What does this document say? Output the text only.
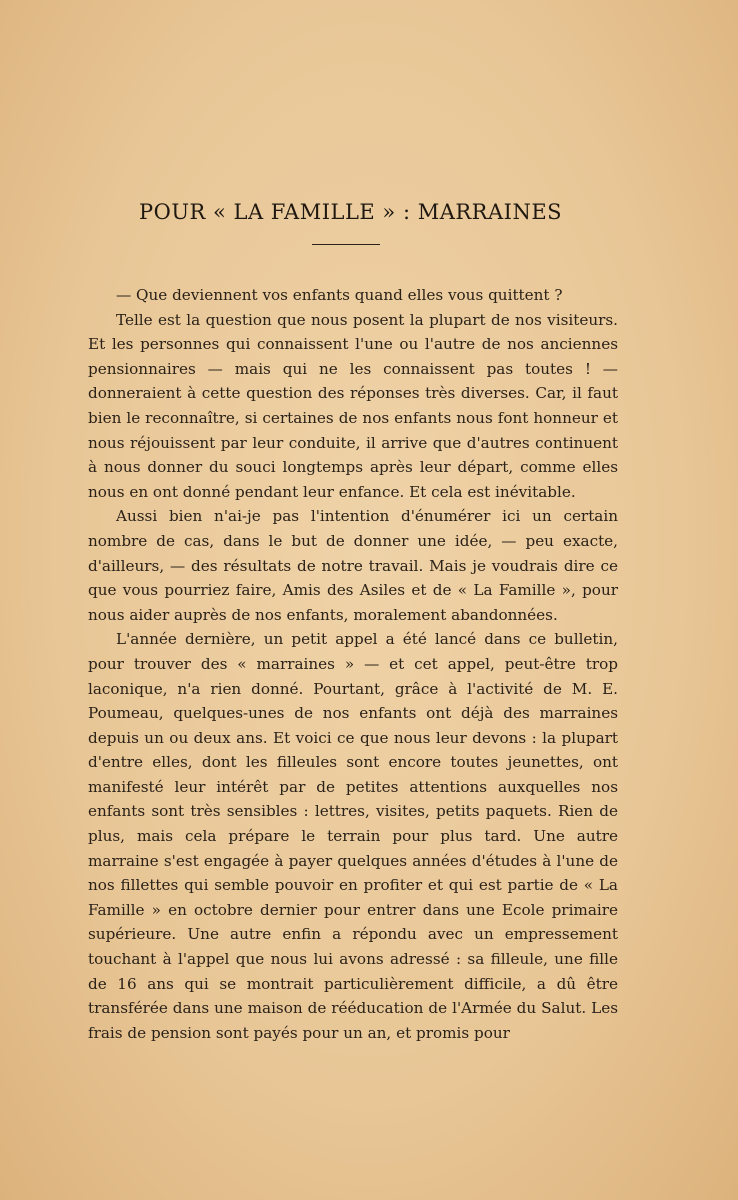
POUR « LA FAMILLE » : MARRAINES

— Que deviennent vos enfants quand elles vous quittent ?

Telle est la question que nous posent la plupart de nos visiteurs. Et les personnes qui connaissent l'une ou l'autre de nos anciennes pensionnaires — mais qui ne les connaissent pas toutes ! — donneraient à cette question des réponses très diverses. Car, il faut bien le reconnaître, si certaines de nos enfants nous font honneur et nous réjouissent par leur conduite, il arrive que d'autres continuent à nous donner du souci longtemps après leur départ, comme elles nous en ont donné pendant leur enfance. Et cela est inévitable.

Aussi bien n'ai-je pas l'intention d'énumérer ici un certain nombre de cas, dans le but de donner une idée, — peu exacte, d'ailleurs, — des résultats de notre travail. Mais je voudrais dire ce que vous pourriez faire, Amis des Asiles et de « La Famille », pour nous aider auprès de nos enfants, moralement abandonnées.

L'année dernière, un petit appel a été lancé dans ce bulletin, pour trouver des « marraines » — et cet appel, peut-être trop laconique, n'a rien donné. Pourtant, grâce à l'activité de M. E. Poumeau, quelques-unes de nos enfants ont déjà des marraines depuis un ou deux ans. Et voici ce que nous leur devons : la plupart d'entre elles, dont les filleules sont encore toutes jeunettes, ont manifesté leur intérêt par de petites attentions auxquelles nos enfants sont très sensibles : lettres, visites, petits paquets. Rien de plus, mais cela prépare le terrain pour plus tard. Une autre marraine s'est engagée à payer quelques années d'études à l'une de nos fillettes qui semble pouvoir en profiter et qui est partie de « La Famille » en octobre dernier pour entrer dans une Ecole primaire supérieure. Une autre enfin a répondu avec un empressement touchant à l'appel que nous lui avons adressé : sa filleule, une fille de 16 ans qui se montrait particulièrement difficile, a dû être transférée dans une maison de rééducation de l'Armée du Salut. Les frais de pension sont payés pour un an, et promis pour
